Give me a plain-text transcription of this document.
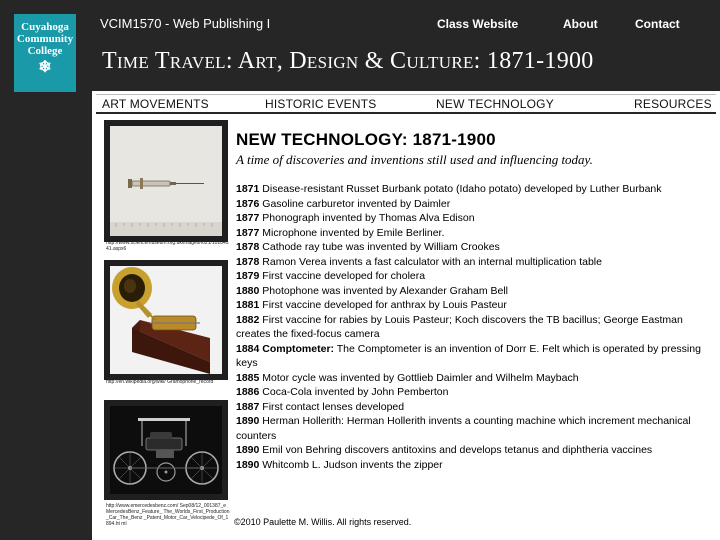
Cuyahoga
Community
College
❄
VCIM1570 - Web Publishing I	Class Website	About	Contact
Time Travel: Art, Design & Culture: 1871-1900
ART MOVEMENTS	HISTORIC EVENTS	NEW TECHNOLOGY	RESOURCES
http://www.sciencemuseum.org.uk/images/I021/10284541.aspx6
http://en.wikipedia.org/wiki/ Gramophone_record
http://www.emercedesbenz.com/ Sep08/12_001387_eMercedesBenz_Feature_ The_Worlds_First_Production_Car_The_Benz _Patent_Motor_Car_Velocipede_Of_1894.ht ml
NEW TECHNOLOGY: 1871-1900
A time of discoveries and inventions still used and influencing today.
1871 Disease-resistant Russet Burbank potato (Idaho potato) developed by Luther Burbank
1876 Gasoline carburetor invented by Daimler
1877 Phonograph invented by Thomas Alva Edison
1877 Microphone invented by Emile Berliner.
1878 Cathode ray tube was invented by William Crookes
1878 Ramon Verea invents a fast calculator with an internal multiplication table
1879 First vaccine developed for cholera
1880 Photophone was invented by Alexander Graham Bell
1881 First vaccine developed for anthrax by Louis Pasteur
1882 First vaccine for rabies by Louis Pasteur; Koch discovers the TB bacillus; George Eastman creates the fixed-focus camera
1884 Comptometer: The Comptometer is an invention of Dorr E. Felt which is operated by pressing keys
1885 Motor cycle was invented by Gottlieb Daimler and Wilhelm Maybach
1886 Coca-Cola invented by John Pemberton
1887 First contact lenses developed
1890 Herman Hollerith: Herman Hollerith invents a counting machine which increment mechanical counters
1890 Emil von Behring discovers antitoxins and develops tetanus and diphtheria vaccines
1890 Whitcomb L. Judson invents the zipper
©2010 Paulette M. Willis. All rights reserved.
